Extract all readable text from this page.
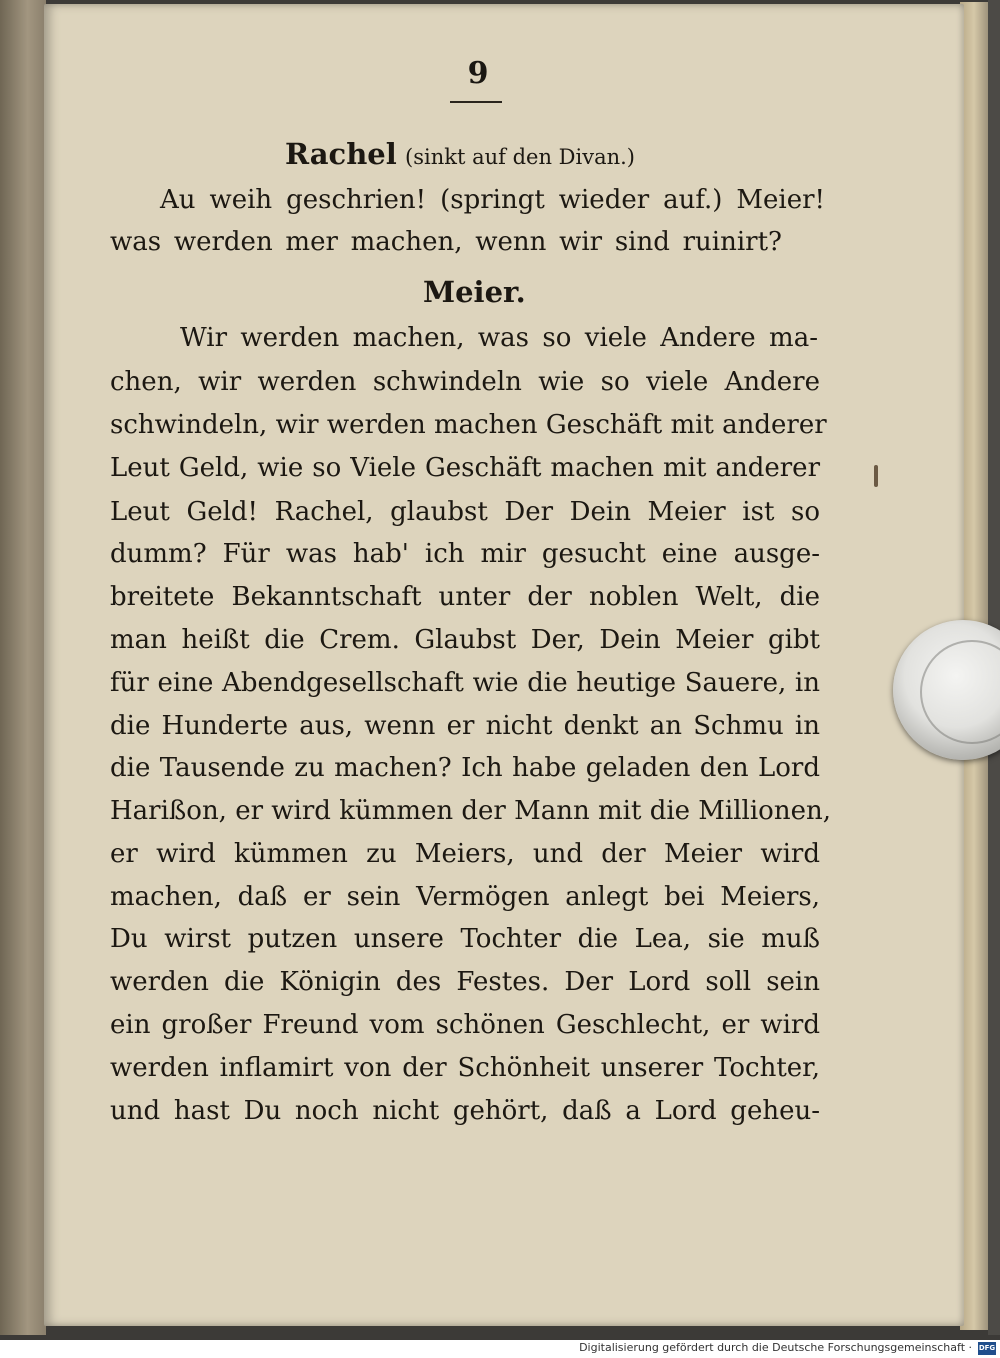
9
Rachel (sinkt auf den Divan.)
Au weih geschrien! (springt wieder auf.) Meier!
was werden mer machen, wenn wir sind ruinirt?
Meier.
Wir werden machen, was so viele Andere ma-
chen, wir werden schwindeln wie so viele Andere
schwindeln, wir werden machen Geschäft mit anderer
Leut Geld, wie so Viele Geschäft machen mit anderer
Leut Geld! Rachel, glaubst Der Dein Meier ist so
dumm? Für was hab' ich mir gesucht eine ausge-
breitete Bekanntschaft unter der noblen Welt, die
man heißt die Crem. Glaubst Der, Dein Meier gibt
für eine Abendgesellschaft wie die heutige Sauere, in
die Hunderte aus, wenn er nicht denkt an Schmu in
die Tausende zu machen? Ich habe geladen den Lord
Harißon, er wird kümmen der Mann mit die Millionen,
er wird kümmen zu Meiers, und der Meier wird
machen, daß er sein Vermögen anlegt bei Meiers,
Du wirst putzen unsere Tochter die Lea, sie muß
werden die Königin des Festes. Der Lord soll sein
ein großer Freund vom schönen Geschlecht, er wird
werden inflamirt von der Schönheit unserer Tochter,
und hast Du noch nicht gehört, daß a Lord geheu-
Digitalisierung gefördert durch die Deutsche Forschungsgemeinschaft · DFG
